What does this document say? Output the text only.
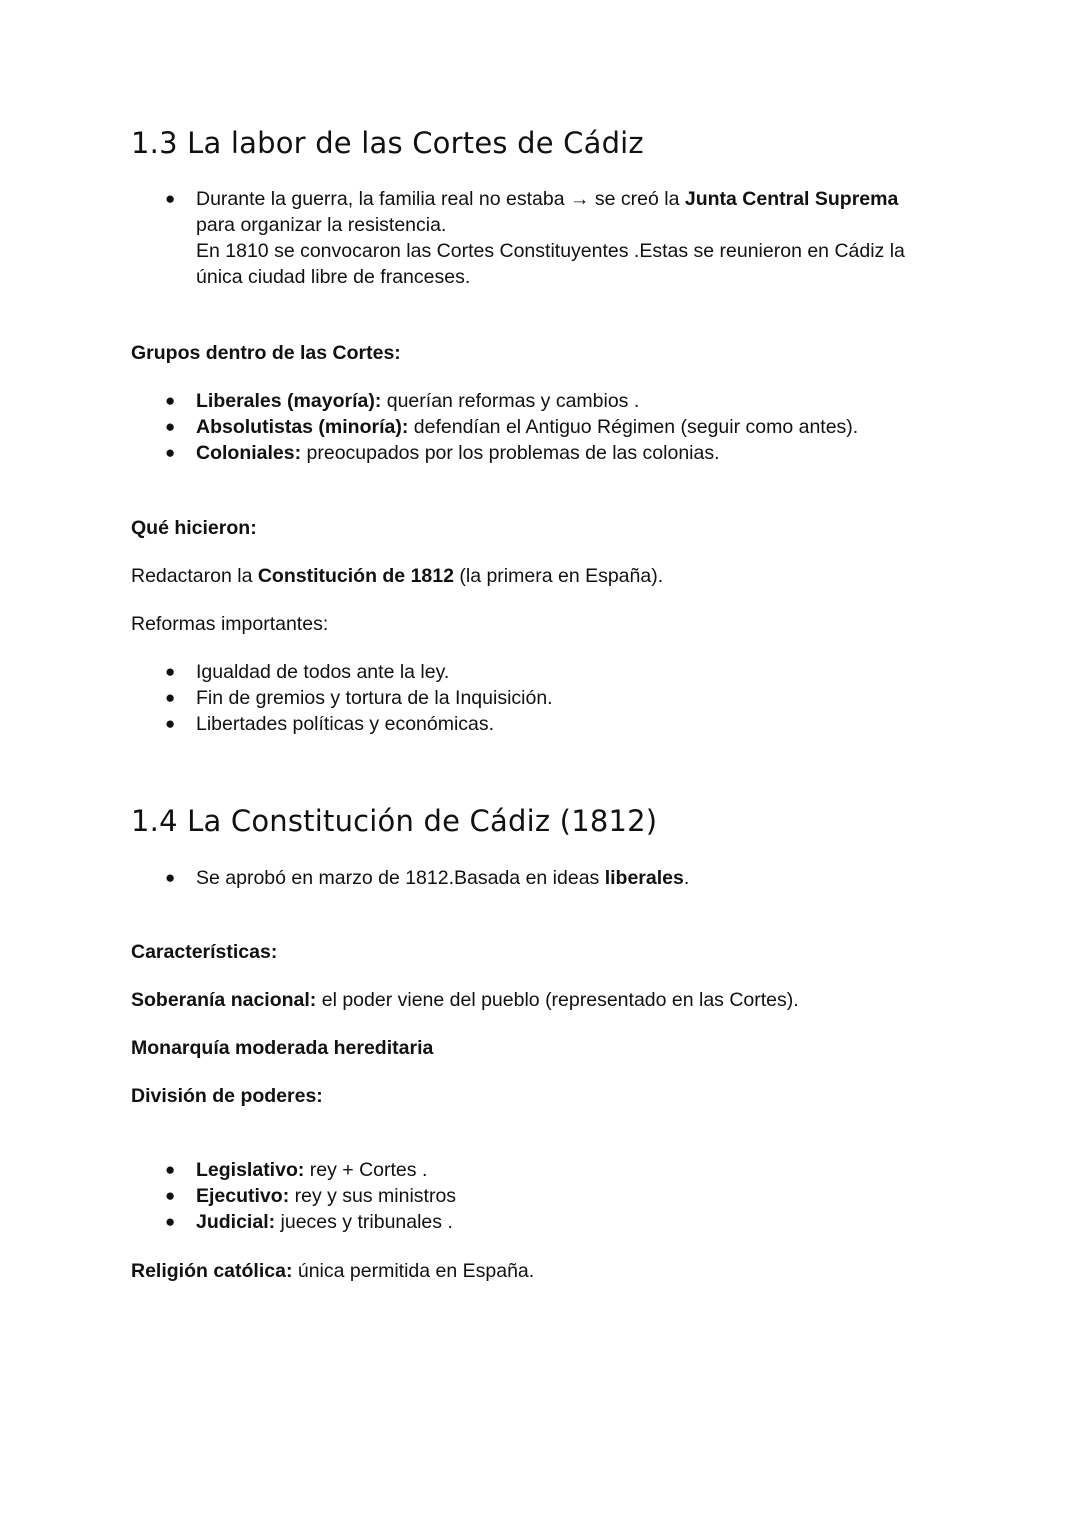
1.3 La labor de las Cortes de Cádiz
● Durante la guerra, la familia real no estaba → se creó la Junta Central Suprema
para organizar la resistencia.
En 1810 se convocaron las Cortes Constituyentes .Estas se reunieron en Cádiz la
única ciudad libre de franceses.
Grupos dentro de las Cortes:
● Liberales (mayoría): querían reformas y cambios .
● Absolutistas (minoría): defendían el Antiguo Régimen (seguir como antes).
● Coloniales: preocupados por los problemas de las colonias.
Qué hicieron:
Redactaron la Constitución de 1812 (la primera en España).
Reformas importantes:
● Igualdad de todos ante la ley.
● Fin de gremios y tortura de la Inquisición.
● Libertades políticas y económicas.
1.4 La Constitución de Cádiz (1812)
● Se aprobó en marzo de 1812.Basada en ideas liberales.
Características:
Soberanía nacional: el poder viene del pueblo (representado en las Cortes).
Monarquía moderada hereditaria
División de poderes:
● Legislativo: rey + Cortes .
● Ejecutivo: rey y sus ministros
● Judicial: jueces y tribunales .
Religión católica: única permitida en España.
